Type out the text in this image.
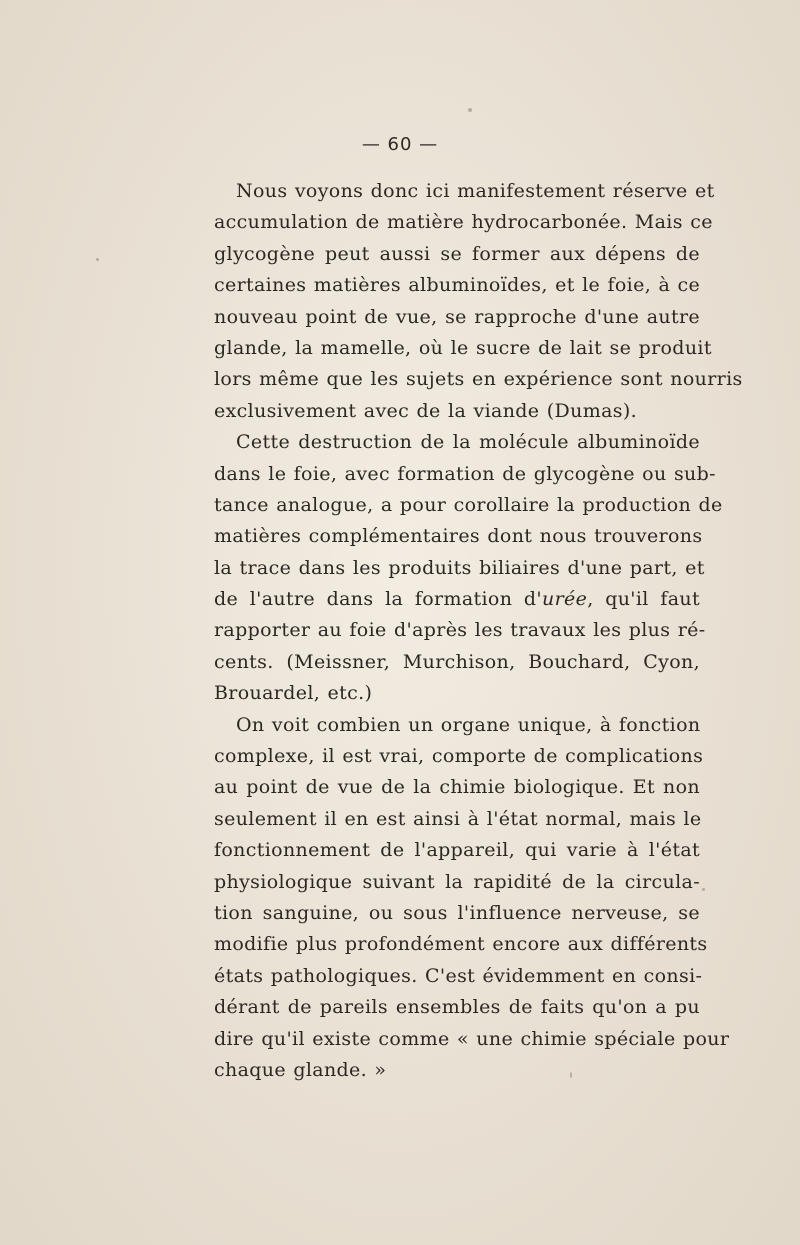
— 60 —
Nous voyons donc ici manifestement réserve et
accumulation de matière hydrocarbonée. Mais ce
glycogène peut aussi se former aux dépens de
certaines matières albuminoïdes, et le foie, à ce
nouveau point de vue, se rapproche d'une autre
glande, la mamelle, où le sucre de lait se produit
lors même que les sujets en expérience sont nourris
exclusivement avec de la viande (Dumas).
Cette destruction de la molécule albuminoïde
dans le foie, avec formation de glycogène ou sub-
tance analogue, a pour corollaire la production de
matières complémentaires dont nous trouverons
la trace dans les produits biliaires d'une part, et
de l'autre dans la formation d'urée, qu'il faut
rapporter au foie d'après les travaux les plus ré-
cents. (Meissner, Murchison, Bouchard, Cyon,
Brouardel, etc.)
On voit combien un organe unique, à fonction
complexe, il est vrai, comporte de complications
au point de vue de la chimie biologique. Et non
seulement il en est ainsi à l'état normal, mais le
fonctionnement de l'appareil, qui varie à l'état
physiologique suivant la rapidité de la circula-
tion sanguine, ou sous l'influence nerveuse, se
modifie plus profondément encore aux différents
états pathologiques. C'est évidemment en consi-
dérant de pareils ensembles de faits qu'on a pu
dire qu'il existe comme « une chimie spéciale pour
chaque glande. »
